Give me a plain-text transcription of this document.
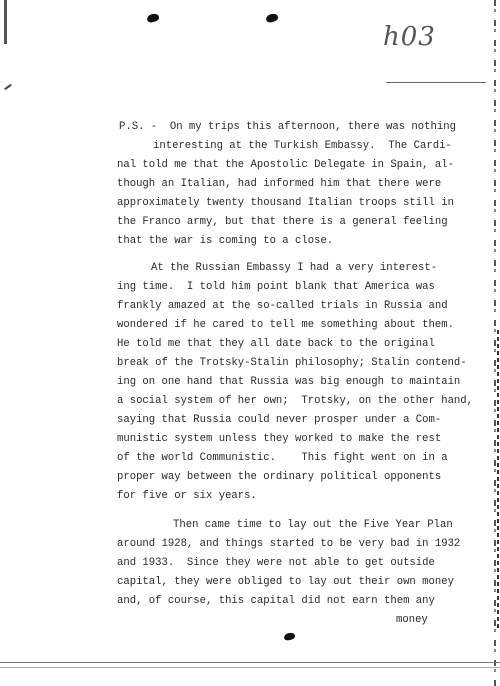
h03
P.S. -  On my trips this afternoon, there was nothing
interesting at the Turkish Embassy.  The Cardi-
nal told me that the Apostolic Delegate in Spain, al-
though an Italian, had informed him that there were
approximately twenty thousand Italian troops still in
the Franco army, but that there is a general feeling
that the war is coming to a close.
At the Russian Embassy I had a very interest-
ing time.  I told him point blank that America was
frankly amazed at the so-called trials in Russia and
wondered if he cared to tell me something about them.
He told me that they all date back to the original
break of the Trotsky-Stalin philosophy; Stalin contend-
ing on one hand that Russia was big enough to maintain
a social system of her own;  Trotsky, on the other hand,
saying that Russia could never prosper under a Com-
munistic system unless they worked to make the rest
of the world Communistic.    This fight went on in a
proper way between the ordinary political opponents
for five or six years.
Then came time to lay out the Five Year Plan
around 1928, and things started to be very bad in 1932
and 1933.  Since they were not able to get outside
capital, they were obliged to lay out their own money
and, of course, this capital did not earn them any
money
